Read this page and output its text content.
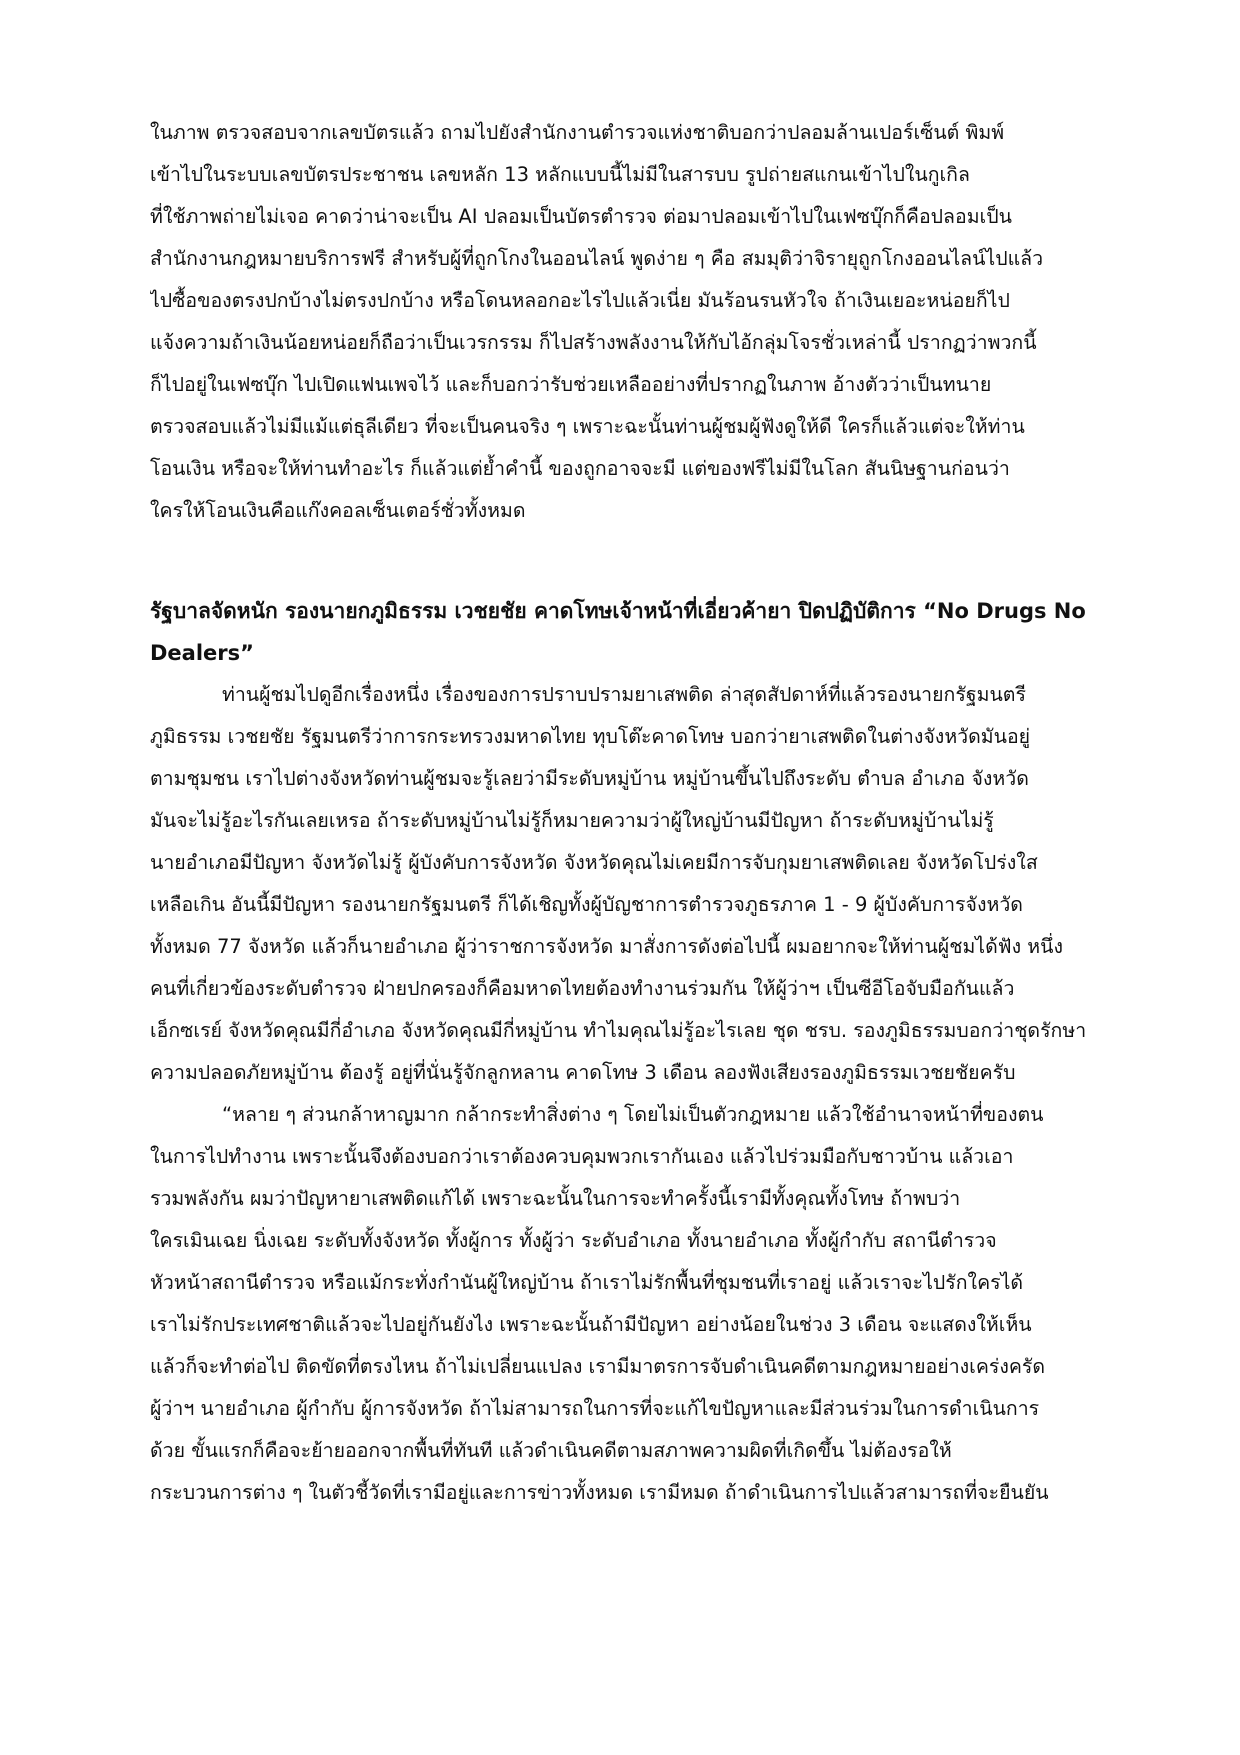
ในภาพ ตรวจสอบจากเลขบัตรแล้ว ถามไปยังสำนักงานตำรวจแห่งชาติบอกว่าปลอมล้านเปอร์เซ็นต์ พิมพ์
เข้าไปในระบบเลขบัตรประชาชน เลขหลัก 13 หลักแบบนี้ไม่มีในสารบบ รูปถ่ายสแกนเข้าไปในกูเกิล
ที่ใช้ภาพถ่ายไม่เจอ คาดว่าน่าจะเป็น AI ปลอมเป็นบัตรตำรวจ ต่อมาปลอมเข้าไปในเฟซบุ๊กก็คือปลอมเป็น
สำนักงานกฎหมายบริการฟรี สำหรับผู้ที่ถูกโกงในออนไลน์ พูดง่าย ๆ คือ สมมุติว่าจิรายุถูกโกงออนไลน์ไปแล้ว
ไปซื้อของตรงปกบ้างไม่ตรงปกบ้าง หรือโดนหลอกอะไรไปแล้วเนี่ย มันร้อนรนหัวใจ ถ้าเงินเยอะหน่อยก็ไป
แจ้งความถ้าเงินน้อยหน่อยก็ถือว่าเป็นเวรกรรม ก็ไปสร้างพลังงานให้กับไอ้กลุ่มโจรชั่วเหล่านี้ ปรากฏว่าพวกนี้
ก็ไปอยู่ในเฟซบุ๊ก ไปเปิดแฟนเพจไว้ และก็บอกว่ารับช่วยเหลืออย่างที่ปรากฏในภาพ อ้างตัวว่าเป็นทนาย
ตรวจสอบแล้วไม่มีแม้แต่ธุลีเดียว ที่จะเป็นคนจริง ๆ เพราะฉะนั้นท่านผู้ชมผู้ฟังดูให้ดี ใครก็แล้วแต่จะให้ท่าน
โอนเงิน หรือจะให้ท่านทำอะไร ก็แล้วแต่ย้ำคำนี้ ของถูกอาจจะมี แต่ของฟรีไม่มีในโลก สันนิษฐานก่อนว่า
ใครให้โอนเงินคือแก๊งคอลเซ็นเตอร์ชั่วทั้งหมด
รัฐบาลจัดหนัก รองนายกภูมิธรรม เวชยชัย คาดโทษเจ้าหน้าที่เอี่ยวค้ายา ปิดปฏิบัติการ “No Drugs No
Dealers”
ท่านผู้ชมไปดูอีกเรื่องหนึ่ง เรื่องของการปราบปรามยาเสพติด ล่าสุดสัปดาห์ที่แล้วรองนายกรัฐมนตรี
ภูมิธรรม เวชยชัย รัฐมนตรีว่าการกระทรวงมหาดไทย ทุบโต๊ะคาดโทษ บอกว่ายาเสพติดในต่างจังหวัดมันอยู่
ตามชุมชน เราไปต่างจังหวัดท่านผู้ชมจะรู้เลยว่ามีระดับหมู่บ้าน หมู่บ้านขึ้นไปถึงระดับ ตำบล อำเภอ จังหวัด
มันจะไม่รู้อะไรกันเลยเหรอ ถ้าระดับหมู่บ้านไม่รู้ก็หมายความว่าผู้ใหญ่บ้านมีปัญหา ถ้าระดับหมู่บ้านไม่รู้
นายอำเภอมีปัญหา จังหวัดไม่รู้ ผู้บังคับการจังหวัด จังหวัดคุณไม่เคยมีการจับกุมยาเสพติดเลย จังหวัดโปร่งใส
เหลือเกิน อันนี้มีปัญหา รองนายกรัฐมนตรี ก็ได้เชิญทั้งผู้บัญชาการตำรวจภูธรภาค 1 - 9 ผู้บังคับการจังหวัด
ทั้งหมด 77 จังหวัด แล้วก็นายอำเภอ ผู้ว่าราชการจังหวัด มาสั่งการดังต่อไปนี้ ผมอยากจะให้ท่านผู้ชมได้ฟัง หนึ่ง
คนที่เกี่ยวข้องระดับตำรวจ ฝ่ายปกครองก็คือมหาดไทยต้องทำงานร่วมกัน ให้ผู้ว่าฯ เป็นซีอีโอจับมือกันแล้ว
เอ็กซเรย์ จังหวัดคุณมีกี่อำเภอ จังหวัดคุณมีกี่หมู่บ้าน ทำไมคุณไม่รู้อะไรเลย ชุด ชรบ. รองภูมิธรรมบอกว่าชุดรักษา
ความปลอดภัยหมู่บ้าน ต้องรู้ อยู่ที่นั่นรู้จักลูกหลาน คาดโทษ 3 เดือน ลองฟังเสียงรองภูมิธรรมเวชยชัยครับ
“หลาย ๆ ส่วนกล้าหาญมาก กล้ากระทำสิ่งต่าง ๆ โดยไม่เป็นตัวกฎหมาย แล้วใช้อำนาจหน้าที่ของตน
ในการไปทำงาน เพราะนั้นจึงต้องบอกว่าเราต้องควบคุมพวกเรากันเอง แล้วไปร่วมมือกับชาวบ้าน แล้วเอา
รวมพลังกัน ผมว่าปัญหายาเสพติดแก้ได้ เพราะฉะนั้นในการจะทำครั้งนี้เรามีทั้งคุณทั้งโทษ ถ้าพบว่า
ใครเมินเฉย นิ่งเฉย ระดับทั้งจังหวัด ทั้งผู้การ ทั้งผู้ว่า ระดับอำเภอ ทั้งนายอำเภอ ทั้งผู้กำกับ สถานีตำรวจ
หัวหน้าสถานีตำรวจ หรือแม้กระทั่งกำนันผู้ใหญ่บ้าน ถ้าเราไม่รักพื้นที่ชุมชนที่เราอยู่ แล้วเราจะไปรักใครได้
เราไม่รักประเทศชาติแล้วจะไปอยู่กันยังไง เพราะฉะนั้นถ้ามีปัญหา อย่างน้อยในช่วง 3 เดือน จะแสดงให้เห็น
แล้วก็จะทำต่อไป ติดขัดที่ตรงไหน ถ้าไม่เปลี่ยนแปลง เรามีมาตรการจับดำเนินคดีตามกฎหมายอย่างเคร่งครัด
ผู้ว่าฯ นายอำเภอ ผู้กำกับ ผู้การจังหวัด ถ้าไม่สามารถในการที่จะแก้ไขปัญหาและมีส่วนร่วมในการดำเนินการ
ด้วย ขั้นแรกก็คือจะย้ายออกจากพื้นที่ทันที แล้วดำเนินคดีตามสภาพความผิดที่เกิดขึ้น ไม่ต้องรอให้
กระบวนการต่าง ๆ ในตัวชี้วัดที่เรามีอยู่และการข่าวทั้งหมด เรามีหมด ถ้าดำเนินการไปแล้วสามารถที่จะยืนยัน
